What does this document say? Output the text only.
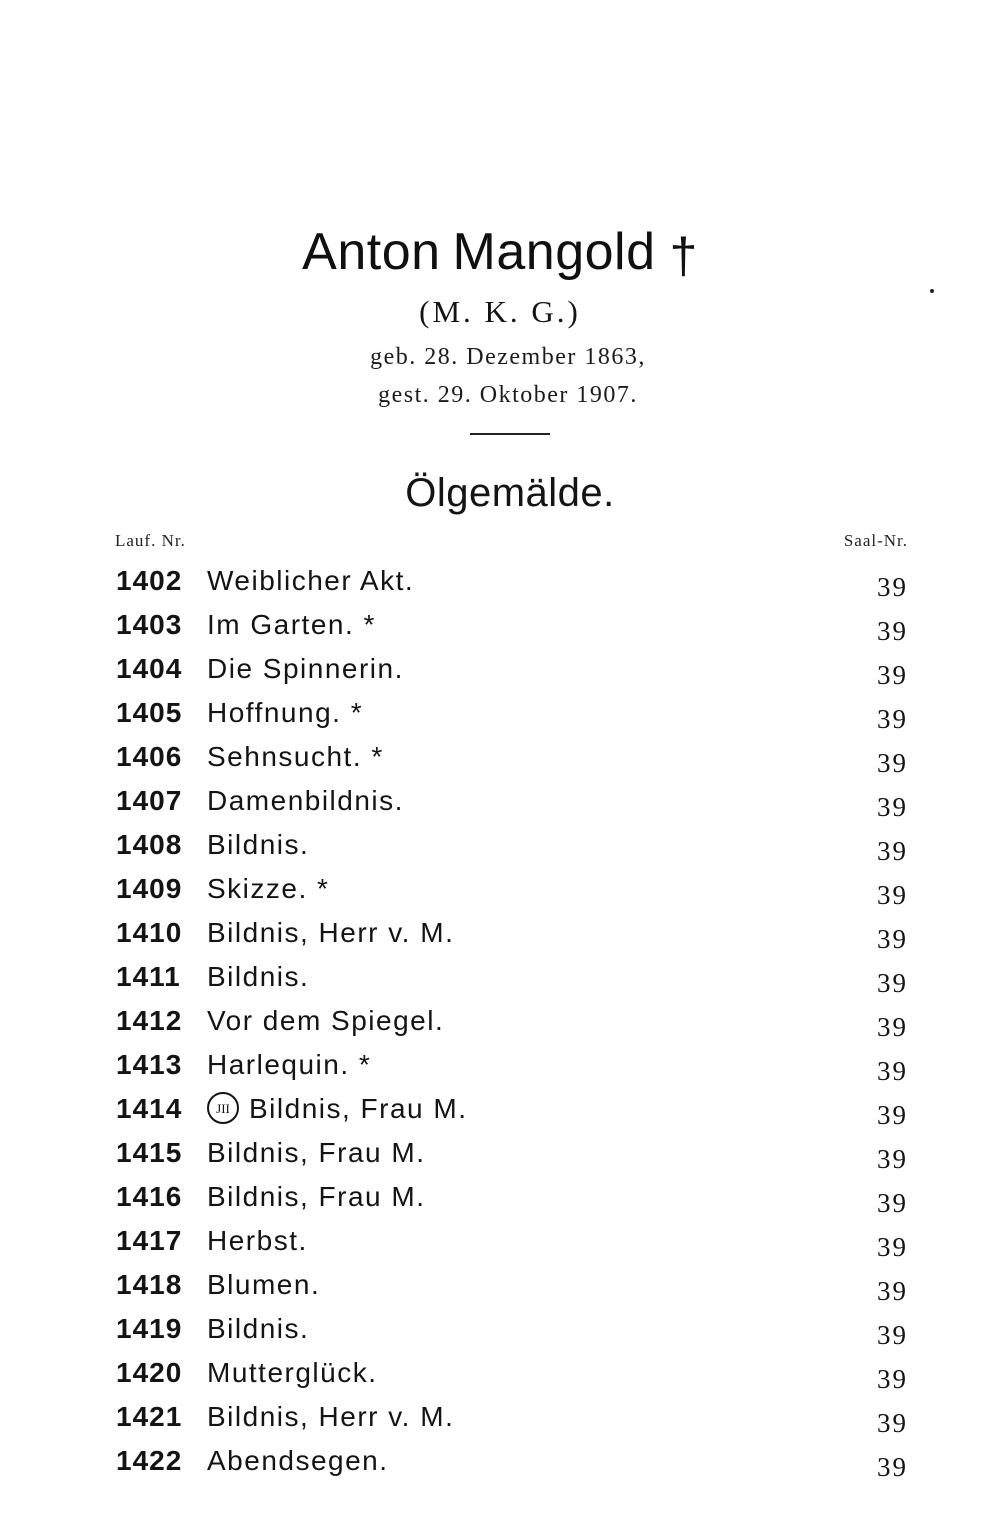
Anton Mangold †
(M. K. G.)
geb. 28. Dezember 1863,
gest. 29. Oktober 1907.
Ölgemälde.
Lauf. Nr.	Saal-Nr.
1402 Weiblicher Akt.	39
1403 Im Garten. *	39
1404 Die Spinnerin.	39
1405 Hoffnung. *	39
1406 Sehnsucht. *	39
1407 Damenbildnis.	39
1408 Bildnis.	39
1409 Skizze. *	39
1410 Bildnis, Herr v. M.	39
1411 Bildnis.	39
1412 Vor dem Spiegel.	39
1413 Harlequin. *	39
1414	JII Bildnis, Frau M.	39
1415 Bildnis, Frau M.	39
1416 Bildnis, Frau M.	39
1417 Herbst.	39
1418 Blumen.	39
1419 Bildnis.	39
1420 Mutterglück.	39
1421 Bildnis, Herr v. M.	39
1422 Abendsegen.	39
